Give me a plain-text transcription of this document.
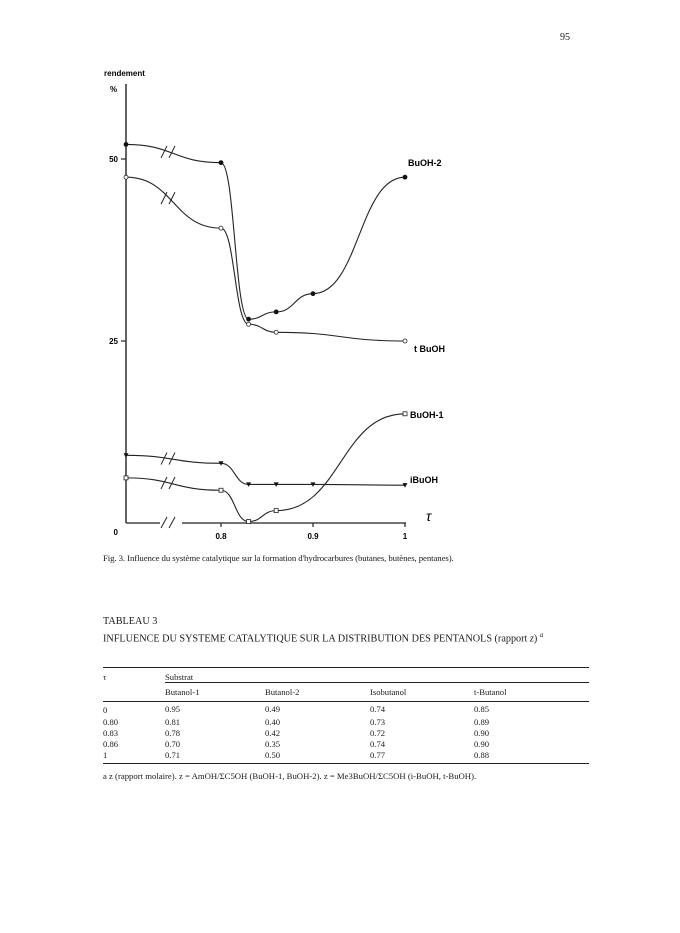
95
50
25
0
rendement
%
0.8	0.9	1
τ
BuOH-2
t BuOH
BuOH-1
iBuOH
Fig. 3. Influence du système catalytique sur la formation d'hydrocarbures (butanes, butènes, pentanes).
TABLEAU 3
INFLUENCE DU SYSTEME CATALYTIQUE SUR LA DISTRIBUTION DES PENTANOLS (rapport z) $^a$
τ	Substrat			
	Butanol-1	Butanol-2	Isobutanol	t-Butanol
0	0.95	0.49	0.74	0.85
0.80	0.81	0.40	0.73	0.89
0.83	0.78	0.42	0.72	0.90
0.86	0.70	0.35	0.74	0.90
1	0.71	0.50	0.77	0.88
a z (rapport molaire). z = AmOH/ΣC5OH (BuOH-1, BuOH-2). z = Me3BuOH/ΣC5OH (i-BuOH, t-BuOH).
